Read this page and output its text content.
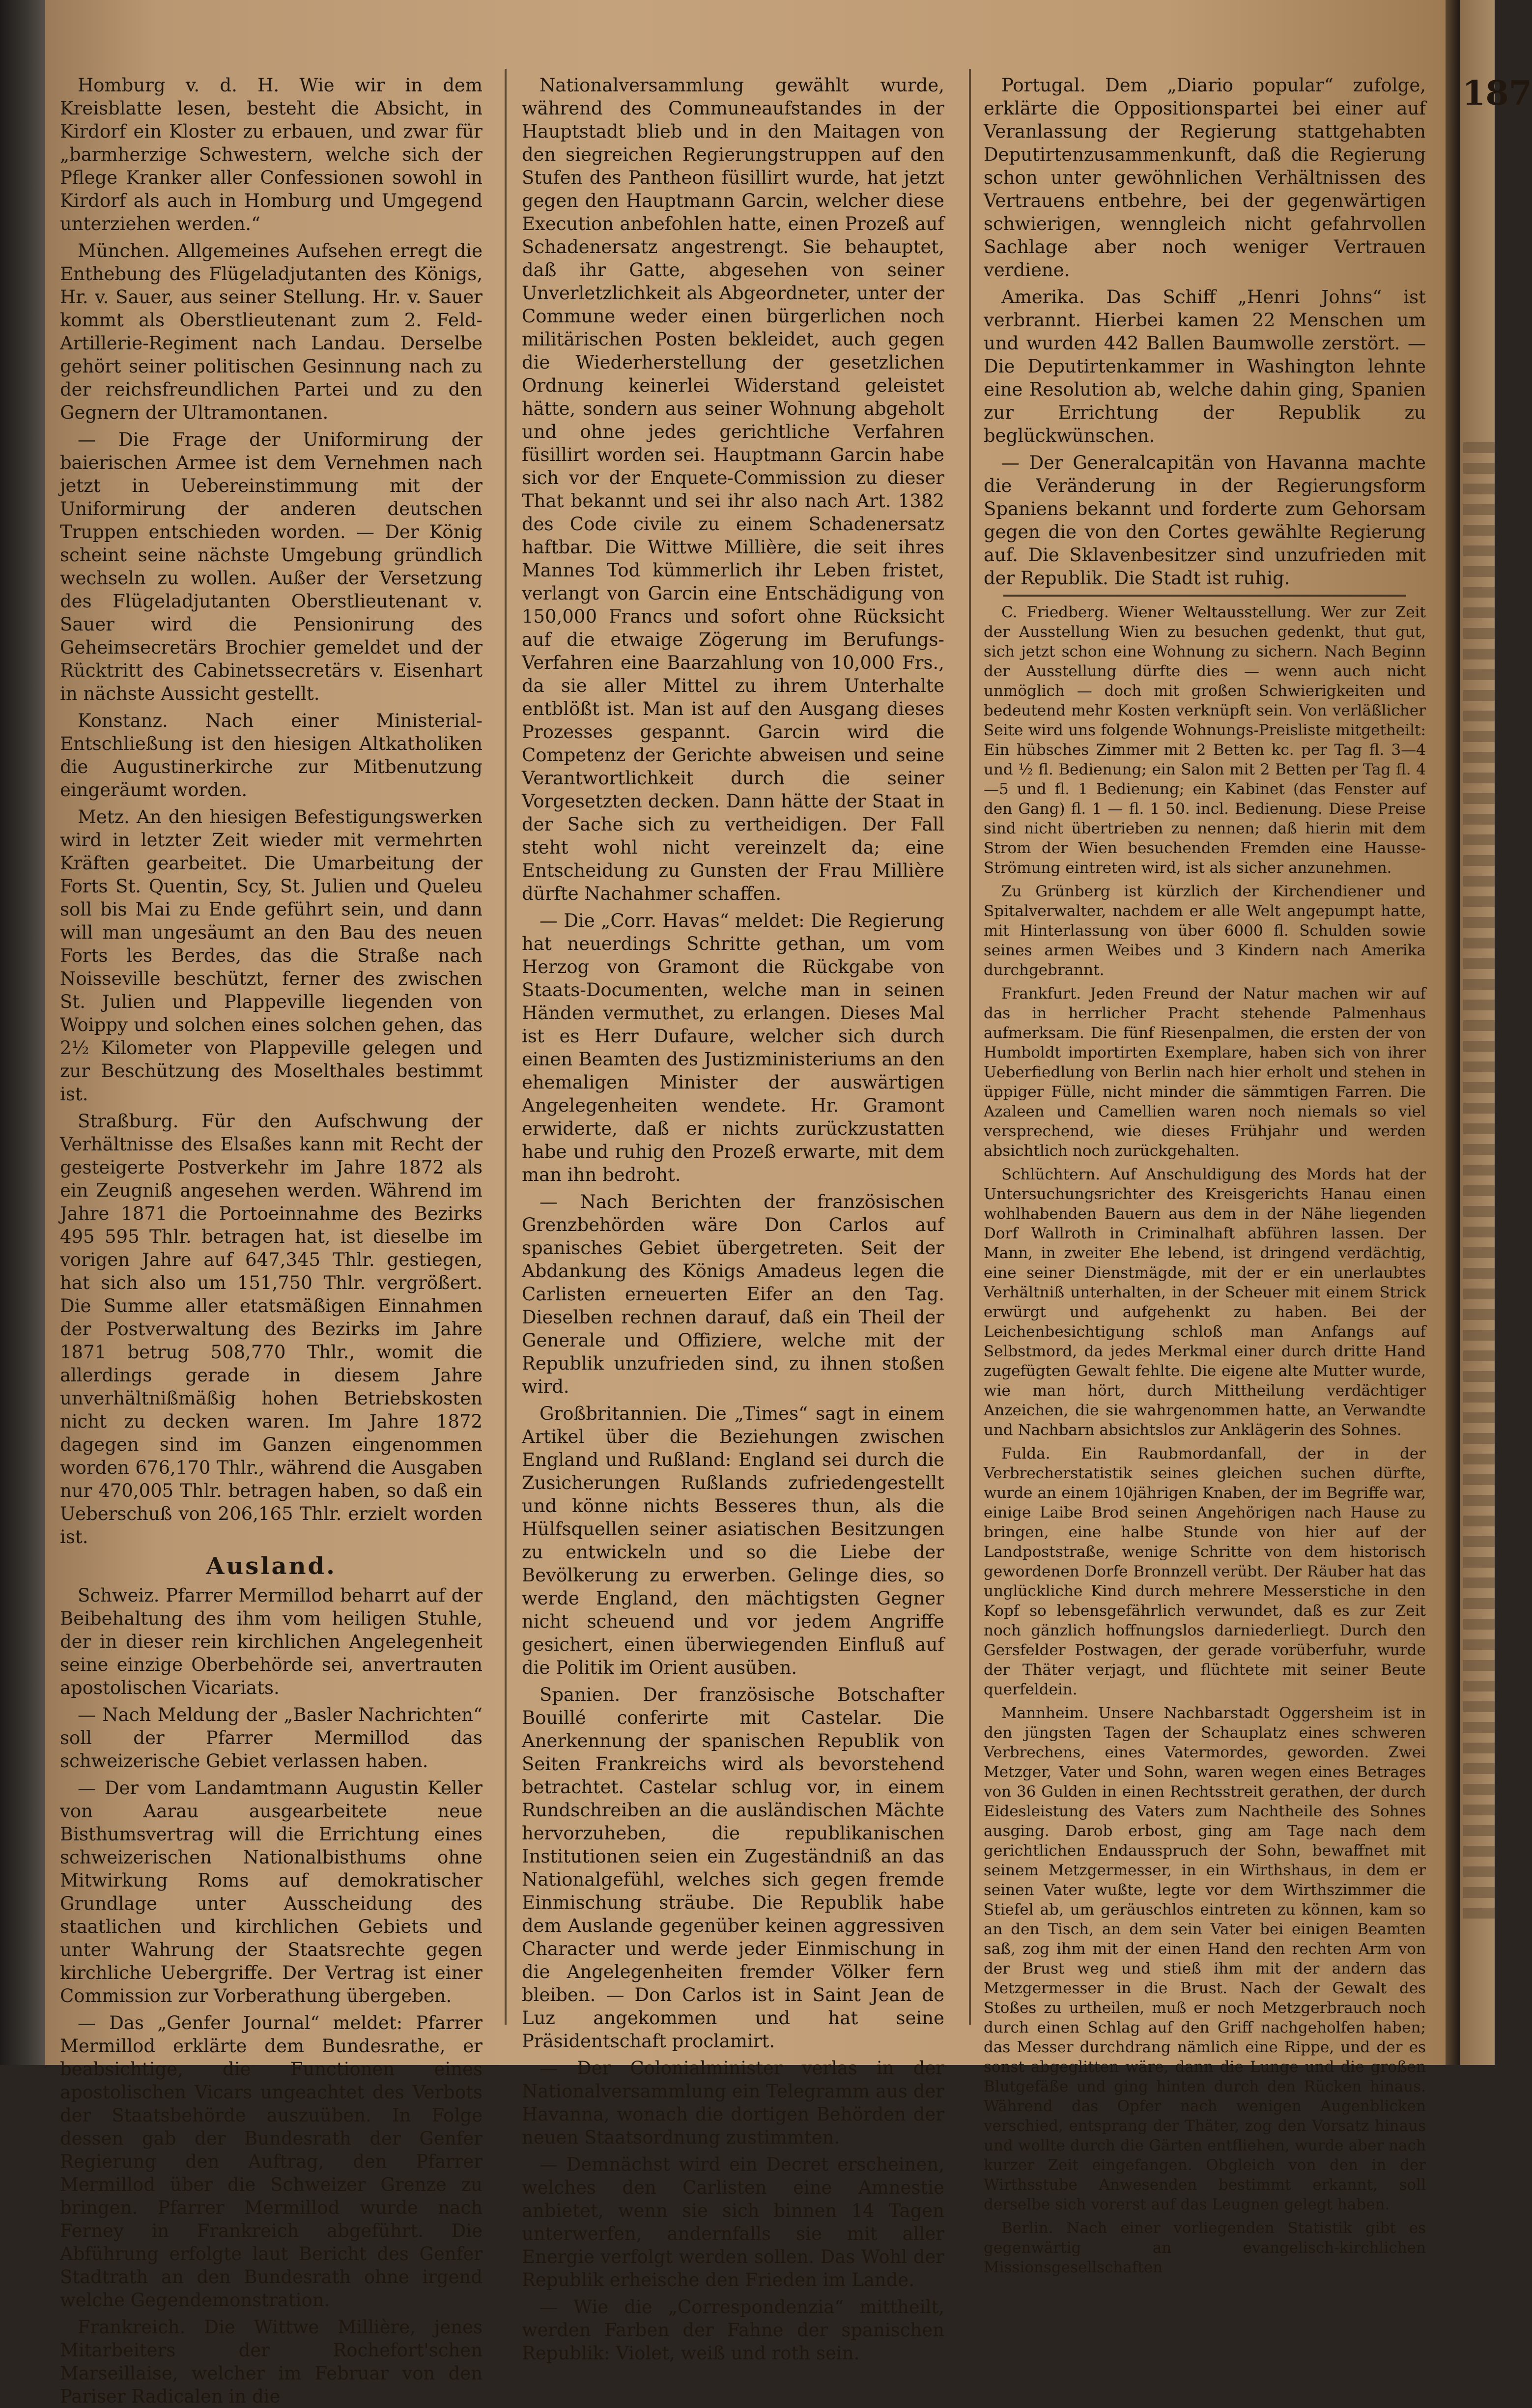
Homburg v. d. H. Wie wir in dem Kreisblatte lesen, besteht die Absicht, in Kirdorf ein Kloster zu erbauen, und zwar für „barmherzige Schwestern, welche sich der Pflege Kranker aller Confessionen sowohl in Kirdorf als auch in Homburg und Umgegend unterziehen werden.“

München. Allgemeines Aufsehen erregt die Enthebung des Flügeladjutanten des Königs, Hr. v. Sauer, aus seiner Stellung. Hr. v. Sauer kommt als Oberstlieutenant zum 2. Feld-Artillerie-Regiment nach Landau. Derselbe gehört seiner politischen Gesinnung nach zu der reichsfreundlichen Partei und zu den Gegnern der Ultramontanen.

— Die Frage der Uniformirung der baierischen Armee ist dem Vernehmen nach jetzt in Uebereinstimmung mit der Uniformirung der anderen deutschen Truppen entschieden worden. — Der König scheint seine nächste Umgebung gründlich wechseln zu wollen. Außer der Versetzung des Flügeladjutanten Oberstlieutenant v. Sauer wird die Pensionirung des Geheimsecretärs Brochier gemeldet und der Rücktritt des Cabinetssecretärs v. Eisenhart in nächste Aussicht gestellt.

Konstanz. Nach einer Ministerial-Entschließung ist den hiesigen Altkatholiken die Augustinerkirche zur Mitbenutzung eingeräumt worden.

Metz. An den hiesigen Befestigungswerken wird in letzter Zeit wieder mit vermehrten Kräften gearbeitet. Die Umarbeitung der Forts St. Quentin, Scy, St. Julien und Queleu soll bis Mai zu Ende geführt sein, und dann will man ungesäumt an den Bau des neuen Forts les Berdes, das die Straße nach Noisseville beschützt, ferner des zwischen St. Julien und Plappeville liegenden von Woippy und solchen eines solchen gehen, das 2½ Kilometer von Plappeville gelegen und zur Beschützung des Moselthales bestimmt ist.

Straßburg. Für den Aufschwung der Verhältnisse des Elsaßes kann mit Recht der gesteigerte Postverkehr im Jahre 1872 als ein Zeugniß angesehen werden. Während im Jahre 1871 die Portoeinnahme des Bezirks 495 595 Thlr. betragen hat, ist dieselbe im vorigen Jahre auf 647,345 Thlr. gestiegen, hat sich also um 151,750 Thlr. vergrößert. Die Summe aller etatsmäßigen Einnahmen der Postverwaltung des Bezirks im Jahre 1871 betrug 508,770 Thlr., womit die allerdings gerade in diesem Jahre unverhältnißmäßig hohen Betriebskosten nicht zu decken waren. Im Jahre 1872 dagegen sind im Ganzen eingenommen worden 676,170 Thlr., während die Ausgaben nur 470,005 Thlr. betragen haben, so daß ein Ueberschuß von 206,165 Thlr. erzielt worden ist.

Ausland.

Schweiz. Pfarrer Mermillod beharrt auf der Beibehaltung des ihm vom heiligen Stuhle, der in dieser rein kirchlichen Angelegenheit seine einzige Oberbehörde sei, anvertrauten apostolischen Vicariats.

— Nach Meldung der „Basler Nachrichten“ soll der Pfarrer Mermillod das schweizerische Gebiet verlassen haben.

— Der vom Landamtmann Augustin Keller von Aarau ausgearbeitete neue Bisthumsvertrag will die Errichtung eines schweizerischen Nationalbisthums ohne Mitwirkung Roms auf demokratischer Grundlage unter Ausscheidung des staatlichen und kirchlichen Gebiets und unter Wahrung der Staatsrechte gegen kirchliche Uebergriffe. Der Vertrag ist einer Commission zur Vorberathung übergeben.

— Das „Genfer Journal“ meldet: Pfarrer Mermillod erklärte dem Bundesrathe, er beabsichtige, die Functionen eines apostolischen Vicars ungeachtet des Verbots der Staatsbehörde auszuüben. In Folge dessen gab der Bundesrath der Genfer Regierung den Auftrag, den Pfarrer Mermillod über die Schweizer Grenze zu bringen. Pfarrer Mermillod wurde nach Ferney in Frankreich abgeführt. Die Abführung erfolgte laut Bericht des Genfer Stadtrath an den Bundesrath ohne irgend welche Gegendemonstration.

Frankreich. Die Wittwe Millière, jenes Mitarbeiters der Rochefort'schen Marseillaise, welcher im Februar von den Pariser Radicalen in die

Nationalversammlung gewählt wurde, während des Communeaufstandes in der Hauptstadt blieb und in den Maitagen von den siegreichen Regierungstruppen auf den Stufen des Pantheon füsillirt wurde, hat jetzt gegen den Hauptmann Garcin, welcher diese Execution anbefohlen hatte, einen Prozeß auf Schadenersatz angestrengt. Sie behauptet, daß ihr Gatte, abgesehen von seiner Unverletzlichkeit als Abgeordneter, unter der Commune weder einen bürgerlichen noch militärischen Posten bekleidet, auch gegen die Wiederherstellung der gesetzlichen Ordnung keinerlei Widerstand geleistet hätte, sondern aus seiner Wohnung abgeholt und ohne jedes gerichtliche Verfahren füsillirt worden sei. Hauptmann Garcin habe sich vor der Enquete-Commission zu dieser That bekannt und sei ihr also nach Art. 1382 des Code civile zu einem Schadenersatz haftbar. Die Wittwe Millière, die seit ihres Mannes Tod kümmerlich ihr Leben fristet, verlangt von Garcin eine Entschädigung von 150,000 Francs und sofort ohne Rücksicht auf die etwaige Zögerung im Berufungs-Verfahren eine Baarzahlung von 10,000 Frs., da sie aller Mittel zu ihrem Unterhalte entblößt ist. Man ist auf den Ausgang dieses Prozesses gespannt. Garcin wird die Competenz der Gerichte abweisen und seine Verantwortlichkeit durch die seiner Vorgesetzten decken. Dann hätte der Staat in der Sache sich zu vertheidigen. Der Fall steht wohl nicht vereinzelt da; eine Entscheidung zu Gunsten der Frau Millière dürfte Nachahmer schaffen.

— Die „Corr. Havas“ meldet: Die Regierung hat neuerdings Schritte gethan, um vom Herzog von Gramont die Rückgabe von Staats-Documenten, welche man in seinen Händen vermuthet, zu erlangen. Dieses Mal ist es Herr Dufaure, welcher sich durch einen Beamten des Justizministeriums an den ehemaligen Minister der auswärtigen Angelegenheiten wendete. Hr. Gramont erwiderte, daß er nichts zurückzustatten habe und ruhig den Prozeß erwarte, mit dem man ihn bedroht.

— Nach Berichten der französischen Grenzbehörden wäre Don Carlos auf spanisches Gebiet übergetreten. Seit der Abdankung des Königs Amadeus legen die Carlisten erneuerten Eifer an den Tag. Dieselben rechnen darauf, daß ein Theil der Generale und Offiziere, welche mit der Republik unzufrieden sind, zu ihnen stoßen wird.

Großbritannien. Die „Times“ sagt in einem Artikel über die Beziehungen zwischen England und Rußland: England sei durch die Zusicherungen Rußlands zufriedengestellt und könne nichts Besseres thun, als die Hülfsquellen seiner asiatischen Besitzungen zu entwickeln und so die Liebe der Bevölkerung zu erwerben. Gelinge dies, so werde England, den mächtigsten Gegner nicht scheuend und vor jedem Angriffe gesichert, einen überwiegenden Einfluß auf die Politik im Orient ausüben.

Spanien. Der französische Botschafter Bouillé conferirte mit Castelar. Die Anerkennung der spanischen Republik von Seiten Frankreichs wird als bevorstehend betrachtet. Castelar schlug vor, in einem Rundschreiben an die ausländischen Mächte hervorzuheben, die republikanischen Institutionen seien ein Zugeständniß an das Nationalgefühl, welches sich gegen fremde Einmischung sträube. Die Republik habe dem Auslande gegenüber keinen aggressiven Character und werde jeder Einmischung in die Angelegenheiten fremder Völker fern bleiben. — Don Carlos ist in Saint Jean de Luz angekommen und hat seine Präsidentschaft proclamirt.

— Der Colonialminister verlas in der Nationalversammlung ein Telegramm aus der Havanna, wonach die dortigen Behörden der neuen Staatsordnung zustimmten.

— Demnächst wird ein Decret erscheinen, welches den Carlisten eine Amnestie anbietet, wenn sie sich binnen 14 Tagen unterwerfen, andernfalls sie mit aller Energie verfolgt werden sollen. Das Wohl der Republik erheische den Frieden im Lande.

— Wie die „Correspondenzia“ mittheilt, werden Farben der Fahne der spanischen Republik: Violet, weiß und roth sein.

Portugal. Dem „Diario popular“ zufolge, erklärte die Oppositionspartei bei einer auf Veranlassung der Regierung stattgehabten Deputirtenzusammenkunft, daß die Regierung schon unter gewöhnlichen Verhältnissen des Vertrauens entbehre, bei der gegenwärtigen schwierigen, wenngleich nicht gefahrvollen Sachlage aber noch weniger Vertrauen verdiene.

Amerika. Das Schiff „Henri Johns“ ist verbrannt. Hierbei kamen 22 Menschen um und wurden 442 Ballen Baumwolle zerstört. — Die Deputirtenkammer in Washington lehnte eine Resolution ab, welche dahin ging, Spanien zur Errichtung der Republik zu beglückwünschen.

— Der Generalcapitän von Havanna machte die Veränderung in der Regierungsform Spaniens bekannt und forderte zum Gehorsam gegen die von den Cortes gewählte Regierung auf. Die Sklavenbesitzer sind unzufrieden mit der Republik. Die Stadt ist ruhig.

C. Friedberg. Wiener Weltausstellung. Wer zur Zeit der Ausstellung Wien zu besuchen gedenkt, thut gut, sich jetzt schon eine Wohnung zu sichern. Nach Beginn der Ausstellung dürfte dies — wenn auch nicht unmöglich — doch mit großen Schwierigkeiten und bedeutend mehr Kosten verknüpft sein. Von verläßlicher Seite wird uns folgende Wohnungs-Preisliste mitgetheilt: Ein hübsches Zimmer mit 2 Betten kc. per Tag fl. 3—4 und ½ fl. Bedienung; ein Salon mit 2 Betten per Tag fl. 4—5 und fl. 1 Bedienung; ein Kabinet (das Fenster auf den Gang) fl. 1 — fl. 1 50. incl. Bedienung. Diese Preise sind nicht übertrieben zu nennen; daß hierin mit dem Strom der Wien besuchenden Fremden eine Hausse-Strömung eintreten wird, ist als sicher anzunehmen.

Zu Grünberg ist kürzlich der Kirchendiener und Spitalverwalter, nachdem er alle Welt angepumpt hatte, mit Hinterlassung von über 6000 fl. Schulden sowie seines armen Weibes und 3 Kindern nach Amerika durchgebrannt.

Frankfurt. Jeden Freund der Natur machen wir auf das in herrlicher Pracht stehende Palmenhaus aufmerksam. Die fünf Riesenpalmen, die ersten der von Humboldt importirten Exemplare, haben sich von ihrer Ueberfiedlung von Berlin nach hier erholt und stehen in üppiger Fülle, nicht minder die sämmtigen Farren. Die Azaleen und Camellien waren noch niemals so viel versprechend, wie dieses Frühjahr und werden absichtlich noch zurückgehalten.

Schlüchtern. Auf Anschuldigung des Mords hat der Untersuchungsrichter des Kreisgerichts Hanau einen wohlhabenden Bauern aus dem in der Nähe liegenden Dorf Wallroth in Criminalhaft abführen lassen. Der Mann, in zweiter Ehe lebend, ist dringend verdächtig, eine seiner Dienstmägde, mit der er ein unerlaubtes Verhältniß unterhalten, in der Scheuer mit einem Strick erwürgt und aufgehenkt zu haben. Bei der Leichenbesichtigung schloß man Anfangs auf Selbstmord, da jedes Merkmal einer durch dritte Hand zugefügten Gewalt fehlte. Die eigene alte Mutter wurde, wie man hört, durch Mittheilung verdächtiger Anzeichen, die sie wahrgenommen hatte, an Verwandte und Nachbarn absichtslos zur Anklägerin des Sohnes.

Fulda. Ein Raubmordanfall, der in der Verbrecherstatistik seines gleichen suchen dürfte, wurde an einem 10jährigen Knaben, der im Begriffe war, einige Laibe Brod seinen Angehörigen nach Hause zu bringen, eine halbe Stunde von hier auf der Landpoststraße, wenige Schritte von dem historisch gewordenen Dorfe Bronnzell verübt. Der Räuber hat das unglückliche Kind durch mehrere Messerstiche in den Kopf so lebensgefährlich verwundet, daß es zur Zeit noch gänzlich hoffnungslos darniederliegt. Durch den Gersfelder Postwagen, der gerade vorüberfuhr, wurde der Thäter verjagt, und flüchtete mit seiner Beute querfeldein.

Mannheim. Unsere Nachbarstadt Oggersheim ist in den jüngsten Tagen der Schauplatz eines schweren Verbrechens, eines Vatermordes, geworden. Zwei Metzger, Vater und Sohn, waren wegen eines Betrages von 36 Gulden in einen Rechtsstreit gerathen, der durch Eidesleistung des Vaters zum Nachtheile des Sohnes ausging. Darob erbost, ging am Tage nach dem gerichtlichen Endausspruch der Sohn, bewaffnet mit seinem Metzgermesser, in ein Wirthshaus, in dem er seinen Vater wußte, legte vor dem Wirthszimmer die Stiefel ab, um geräuschlos eintreten zu können, kam so an den Tisch, an dem sein Vater bei einigen Beamten saß, zog ihm mit der einen Hand den rechten Arm von der Brust weg und stieß ihm mit der andern das Metzgermesser in die Brust. Nach der Gewalt des Stoßes zu urtheilen, muß er noch Metzgerbrauch noch durch einen Schlag auf den Griff nachgeholfen haben; das Messer durchdrang nämlich eine Rippe, und der es sonst abgeglitten wäre, dann die Lunge und die großen Blutgefäße und ging hinten durch den Rücken hinaus. Während das Opfer nach wenigen Augenblicken verschied, entsprang der Thäter, zog den Vorsatz hinaus und wollte durch die Gärten entfliehen, wurde aber nach kurzer Zeit eingefangen. Obgleich von den in der Wirthsstube Anwesenden bestimmt erkannt, soll derselbe sich vorerst auf das Leugnen gelegt haben.

Berlin. Nach einer vorliegenden Statistik gibt es gegenwärtig an evangelisch-kirchlichen Missionsgesellschaften

187
